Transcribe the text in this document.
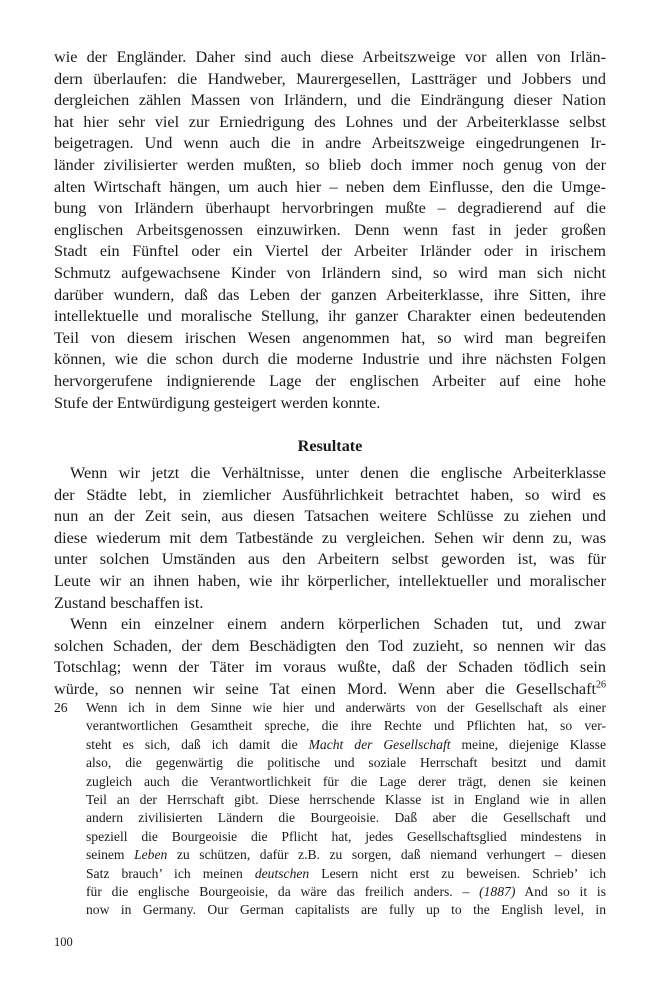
wie der Engländer. Daher sind auch diese Arbeitszweige vor allen von Irlän-
dern überlaufen: die Handweber, Maurergesellen, Lastträger und Jobbers und
dergleichen zählen Massen von Irländern, und die Eindrängung dieser Nation
hat hier sehr viel zur Erniedrigung des Lohnes und der Arbeiterklasse selbst
beigetragen. Und wenn auch die in andre Arbeitszweige eingedrungenen Ir-
länder zivilisierter werden mußten, so blieb doch immer noch genug von der
alten Wirtschaft hängen, um auch hier – neben dem Einflusse, den die Umge-
bung von Irländern überhaupt hervorbringen mußte – degradierend auf die
englischen Arbeitsgenossen einzuwirken. Denn wenn fast in jeder großen
Stadt ein Fünftel oder ein Viertel der Arbeiter Irländer oder in irischem
Schmutz aufgewachsene Kinder von Irländern sind, so wird man sich nicht
darüber wundern, daß das Leben der ganzen Arbeiterklasse, ihre Sitten, ihre
intellektuelle und moralische Stellung, ihr ganzer Charakter einen bedeutenden
Teil von diesem irischen Wesen angenommen hat, so wird man begreifen
können, wie die schon durch die moderne Industrie und ihre nächsten Folgen
hervorgerufene indignierende Lage der englischen Arbeiter auf eine hohe
Stufe der Entwürdigung gesteigert werden konnte.
Resultate
Wenn wir jetzt die Verhältnisse, unter denen die englische Arbeiterklasse
der Städte lebt, in ziemlicher Ausführlichkeit betrachtet haben, so wird es
nun an der Zeit sein, aus diesen Tatsachen weitere Schlüsse zu ziehen und
diese wiederum mit dem Tatbestände zu vergleichen. Sehen wir denn zu, was
unter solchen Umständen aus den Arbeitern selbst geworden ist, was für
Leute wir an ihnen haben, wie ihr körperlicher, intellektueller und moralischer
Zustand beschaffen ist.
Wenn ein einzelner einem andern körperlichen Schaden tut, und zwar
solchen Schaden, der dem Beschädigten den Tod zuzieht, so nennen wir das
Totschlag; wenn der Täter im voraus wußte, daß der Schaden tödlich sein
würde, so nennen wir seine Tat einen Mord. Wenn aber die Gesellschaft$^{26}$
26 Wenn ich in dem Sinne wie hier und anderwärts von der Gesellschaft als einer
verantwortlichen Gesamtheit spreche, die ihre Rechte und Pflichten hat, so ver-
steht es sich, daß ich damit die Macht der Gesellschaft meine, diejenige Klasse
also, die gegenwärtig die politische und soziale Herrschaft besitzt und damit
zugleich auch die Verantwortlichkeit für die Lage derer trägt, denen sie keinen
Teil an der Herrschaft gibt. Diese herrschende Klasse ist in England wie in allen
andern zivilisierten Ländern die Bourgeoisie. Daß aber die Gesellschaft und
speziell die Bourgeoisie die Pflicht hat, jedes Gesellschaftsglied mindestens in
seinem Leben zu schützen, dafür z.B. zu sorgen, daß niemand verhungert – diesen
Satz brauch’ ich meinen deutschen Lesern nicht erst zu beweisen. Schrieb’ ich
für die englische Bourgeoisie, da wäre das freilich anders. – (1887) And so it is
now in Germany. Our German capitalists are fully up to the English level, in
100
